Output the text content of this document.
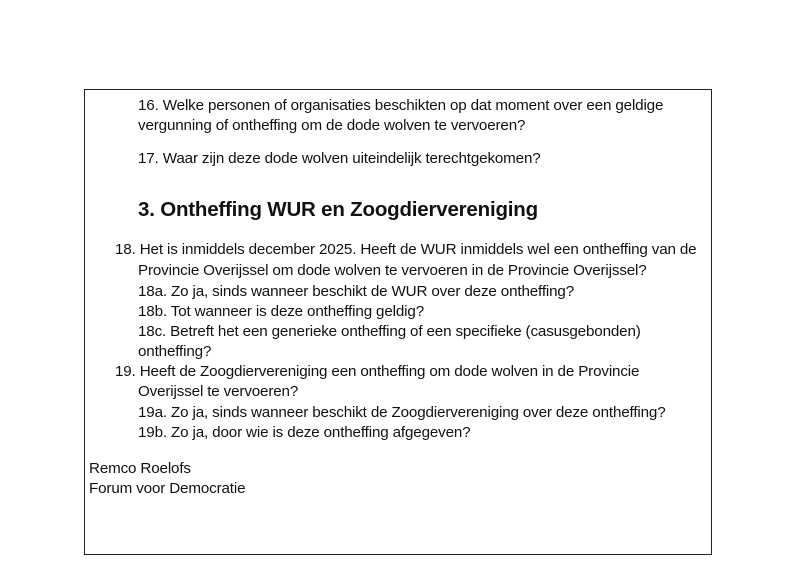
16. Welke personen of organisaties beschikten op dat moment over een geldige
vergunning of ontheffing om de dode wolven te vervoeren?
17. Waar zijn deze dode wolven uiteindelijk terechtgekomen?
3. Ontheffing WUR en Zoogdiervereniging
18. Het is inmiddels december 2025. Heeft de WUR inmiddels wel een ontheffing van de
Provincie Overijssel om dode wolven te vervoeren in de Provincie Overijssel?
18a. Zo ja, sinds wanneer beschikt de WUR over deze ontheffing?
18b. Tot wanneer is deze ontheffing geldig?
18c. Betreft het een generieke ontheffing of een specifieke (casusgebonden)
ontheffing?
19. Heeft de Zoogdiervereniging een ontheffing om dode wolven in de Provincie
Overijssel te vervoeren?
19a. Zo ja, sinds wanneer beschikt de Zoogdiervereniging over deze ontheffing?
19b. Zo ja, door wie is deze ontheffing afgegeven?
Remco Roelofs
Forum voor Democratie
